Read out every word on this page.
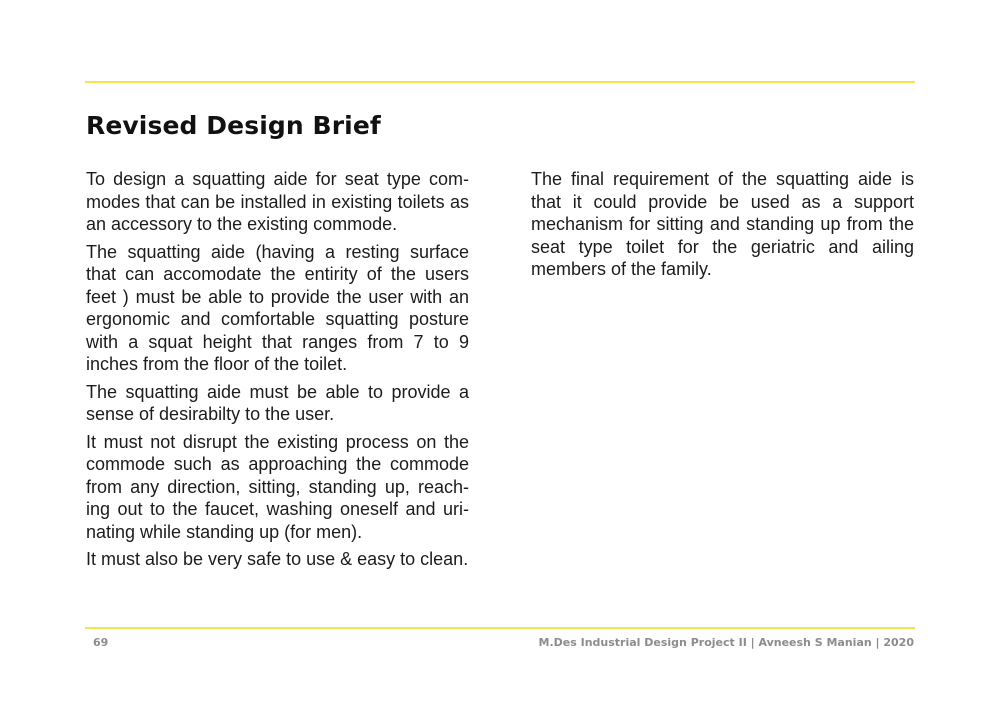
Revised Design Brief

To design a squatting aide for seat type com-modes that can be installed in existing toilets as an accessory to the existing commode.

The squatting aide (having a resting surface that can accomodate the entirity of the users feet ) must be able to provide the user with an ergonomic and comfortable squatting posture with a squat height that ranges from 7 to 9 inches from the floor of the toilet.

The squatting aide must be able to provide a sense of desirabilty to the user.

It must not disrupt the existing process on the commode such as approaching the commode from any direction, sitting, standing up, reach-ing out to the faucet, washing oneself and uri-nating while standing up (for men).

It must also be very safe to use & easy to clean.

The final requirement of the squatting aide is that it could provide be used as a support mechanism for sitting and standing up from the seat type toilet for the geriatric and ailing members of the family.

69	M.Des Industrial Design Project II | Avneesh S Manian | 2020
